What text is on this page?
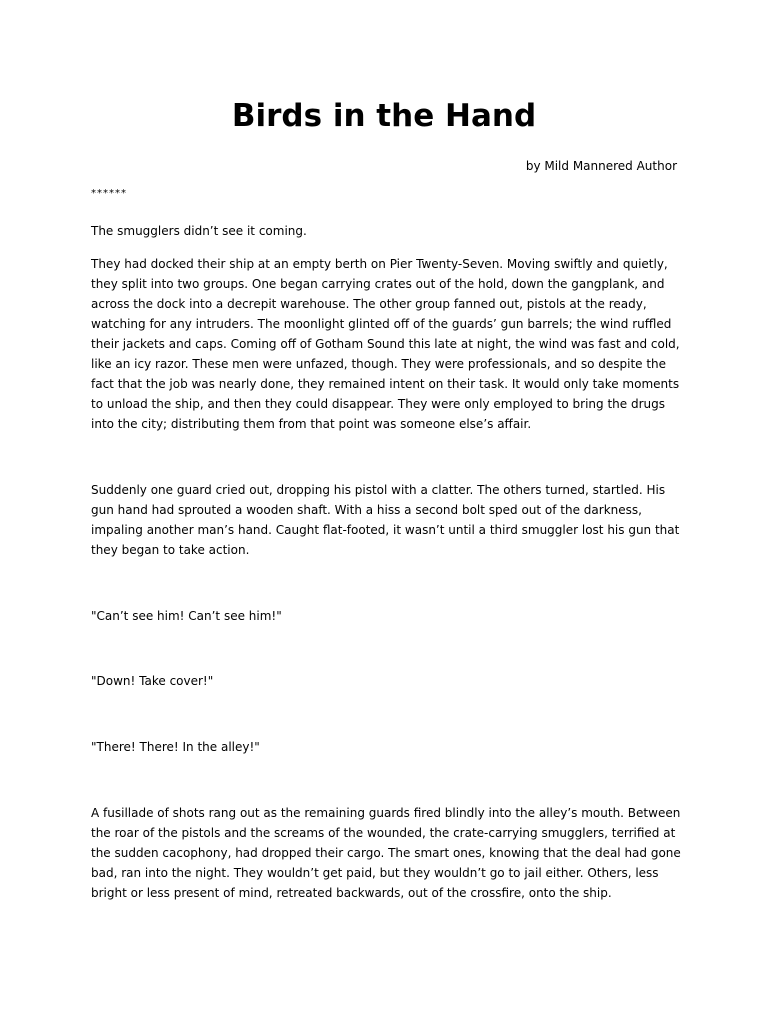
Birds in the Hand
by Mild Mannered Author
******

The smugglers didn’t see it coming.

They had docked their ship at an empty berth on Pier Twenty-Seven. Moving swiftly and quietly, they split into two groups. One began carrying crates out of the hold, down the gangplank, and across the dock into a decrepit warehouse. The other group fanned out, pistols at the ready, watching for any intruders. The moonlight glinted off of the guards’ gun barrels; the wind ruffled their jackets and caps. Coming off of Gotham Sound this late at night, the wind was fast and cold, like an icy razor. These men were unfazed, though. They were professionals, and so despite the fact that the job was nearly done, they remained intent on their task. It would only take moments to unload the ship, and then they could disappear. They were only employed to bring the drugs into the city; distributing them from that point was someone else’s affair.

Suddenly one guard cried out, dropping his pistol with a clatter. The others turned, startled. His gun hand had sprouted a wooden shaft. With a hiss a second bolt sped out of the darkness, impaling another man’s hand. Caught flat-footed, it wasn’t until a third smuggler lost his gun that they began to take action.

"Can’t see him! Can’t see him!"

"Down! Take cover!"

"There! There! In the alley!"

A fusillade of shots rang out as the remaining guards fired blindly into the alley’s mouth. Between the roar of the pistols and the screams of the wounded, the crate-carrying smugglers, terrified at the sudden cacophony, had dropped their cargo. The smart ones, knowing that the deal had gone bad, ran into the night. They wouldn’t get paid, but they wouldn’t go to jail either. Others, less bright or less present of mind, retreated backwards, out of the crossfire, onto the ship.
